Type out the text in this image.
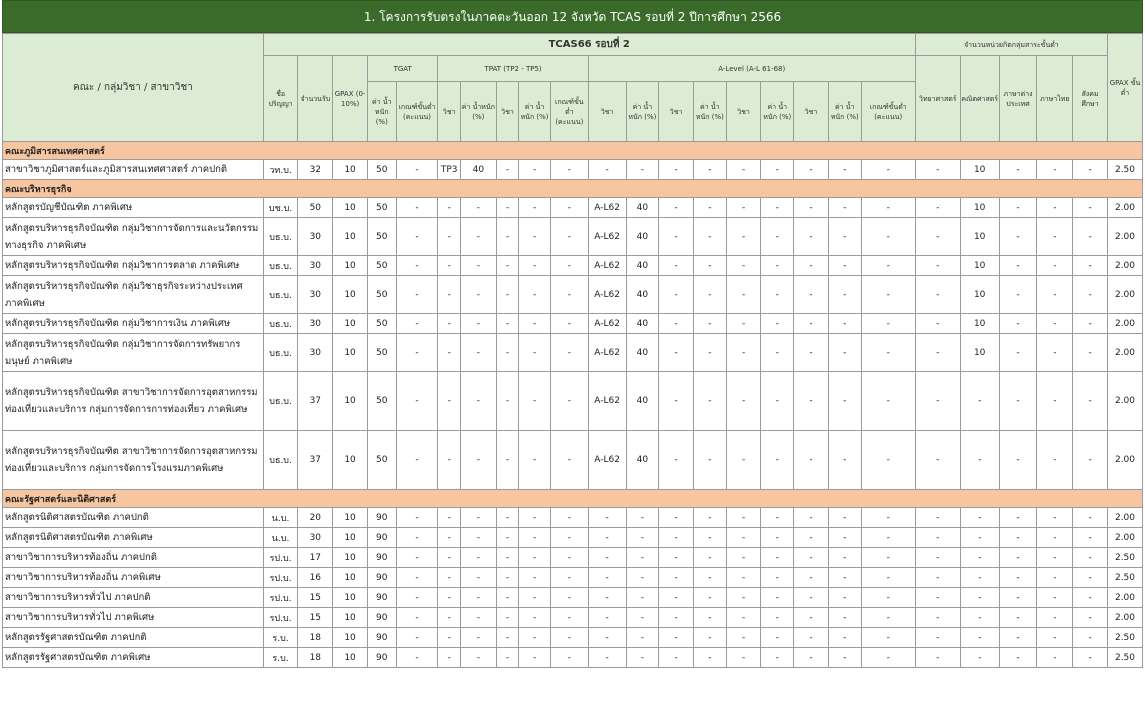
1. โครงการรับตรงในภาคตะวันออก 12 จังหวัด TCAS รอบที่ 2 ปีการศึกษา 2566
คณะ / กลุ่มวิชา / สาขาวิชา	TCAS66 รอบที่ 2																			จำนวนหน่วยกิตกลุ่มสาระขั้นต่ำ					GPAX ขั้นต่ำ
	ชื่อ ปริญญา	จำนวนรับ	GPAX (0-10%)	TGAT		TPAT (TP2 - TP5)					A-Level (A-L 61-68)									วิทยาศาสตร์	คณิตศาสตร์	ภาษาต่าง ประเทศ	ภาษาไทย	สังคม ศึกษา	
				ค่า น้ำหนัก (%)	เกณฑ์ขั้นต่ำ (คะแนน)	วิชา	ค่า น้ำหนัก (%)	วิชา	ค่า น้ำหนัก (%)	เกณฑ์ขั้นต่ำ (คะแนน)	วิชา	ค่า น้ำหนัก (%)	วิชา	ค่า น้ำหนัก (%)	วิชา	ค่า น้ำหนัก (%)	วิชา	ค่า น้ำหนัก (%)	เกณฑ์ขั้นต่ำ (คะแนน)						
คณะภูมิสารสนเทศศาสตร์																									
สาขาวิชาภูมิศาสตร์และภูมิสารสนเทศศาสตร์ ภาคปกติ	วท.บ.	32	10	50	-	TP3	40	-	-	-	-	-	-	-	-	-	-	-	-	-	10	-	-	-	2.50
คณะบริหารธุรกิจ																									
หลักสูตรบัญชีบัณฑิต ภาคพิเศษ	บช.บ.	50	10	50	-	-	-	-	-	-	A-L62	40	-	-	-	-	-	-	-	-	10	-	-	-	2.00
หลักสูตรบริหารธุรกิจบัณฑิต กลุ่มวิชาการจัดการและนวัตกรรมทางธุรกิจ ภาคพิเศษ	บธ.บ.	30	10	50	-	-	-	-	-	-	A-L62	40	-	-	-	-	-	-	-	-	10	-	-	-	2.00
หลักสูตรบริหารธุรกิจบัณฑิต กลุ่มวิชาการตลาด ภาคพิเศษ	บธ.บ.	30	10	50	-	-	-	-	-	-	A-L62	40	-	-	-	-	-	-	-	-	10	-	-	-	2.00
หลักสูตรบริหารธุรกิจบัณฑิต กลุ่มวิชาธุรกิจระหว่างประเทศ ภาคพิเศษ	บธ.บ.	30	10	50	-	-	-	-	-	-	A-L62	40	-	-	-	-	-	-	-	-	10	-	-	-	2.00
หลักสูตรบริหารธุรกิจบัณฑิต กลุ่มวิชาการเงิน ภาคพิเศษ	บธ.บ.	30	10	50	-	-	-	-	-	-	A-L62	40	-	-	-	-	-	-	-	-	10	-	-	-	2.00
หลักสูตรบริหารธุรกิจบัณฑิต กลุ่มวิชาการจัดการทรัพยากรมนุษย์ ภาคพิเศษ	บธ.บ.	30	10	50	-	-	-	-	-	-	A-L62	40	-	-	-	-	-	-	-	-	10	-	-	-	2.00
หลักสูตรบริหารธุรกิจบัณฑิต สาขาวิชาการจัดการอุตสาหกรรมท่องเที่ยวและบริการ กลุ่มการจัดการการท่องเที่ยว ภาคพิเศษ	บธ.บ.	37	10	50	-	-	-	-	-	-	A-L62	40	-	-	-	-	-	-	-	-	-	-	-	-	2.00
หลักสูตรบริหารธุรกิจบัณฑิต สาขาวิชาการจัดการอุตสาหกรรมท่องเที่ยวและบริการ กลุ่มการจัดการโรงแรมภาคพิเศษ	บธ.บ.	37	10	50	-	-	-	-	-	-	A-L62	40	-	-	-	-	-	-	-	-	-	-	-	-	2.00
คณะรัฐศาสตร์และนิติศาสตร์																									
หลักสูตรนิติศาสตรบัณฑิต ภาคปกติ	น.บ.	20	10	90	-	-	-	-	-	-	-	-	-	-	-	-	-	-	-	-	-	-	-	-	2.00
หลักสูตรนิติศาสตรบัณฑิต ภาคพิเศษ	น.บ.	30	10	90	-	-	-	-	-	-	-	-	-	-	-	-	-	-	-	-	-	-	-	-	2.00
สาขาวิชาการบริหารท้องถิ่น ภาคปกติ	รป.บ.	17	10	90	-	-	-	-	-	-	-	-	-	-	-	-	-	-	-	-	-	-	-	-	2.50
สาขาวิชาการบริหารท้องถิ่น ภาคพิเศษ	รป.บ.	16	10	90	-	-	-	-	-	-	-	-	-	-	-	-	-	-	-	-	-	-	-	-	2.50
สาขาวิชาการบริหารทั่วไป ภาคปกติ	รป.บ.	15	10	90	-	-	-	-	-	-	-	-	-	-	-	-	-	-	-	-	-	-	-	-	2.00
สาขาวิชาการบริหารทั่วไป ภาคพิเศษ	รป.บ.	15	10	90	-	-	-	-	-	-	-	-	-	-	-	-	-	-	-	-	-	-	-	-	2.00
หลักสูตรรัฐศาสตรบัณฑิต ภาคปกติ	ร.บ.	18	10	90	-	-	-	-	-	-	-	-	-	-	-	-	-	-	-	-	-	-	-	-	2.50
หลักสูตรรัฐศาสตรบัณฑิต ภาคพิเศษ	ร.บ.	18	10	90	-	-	-	-	-	-	-	-	-	-	-	-	-	-	-	-	-	-	-	-	2.50
